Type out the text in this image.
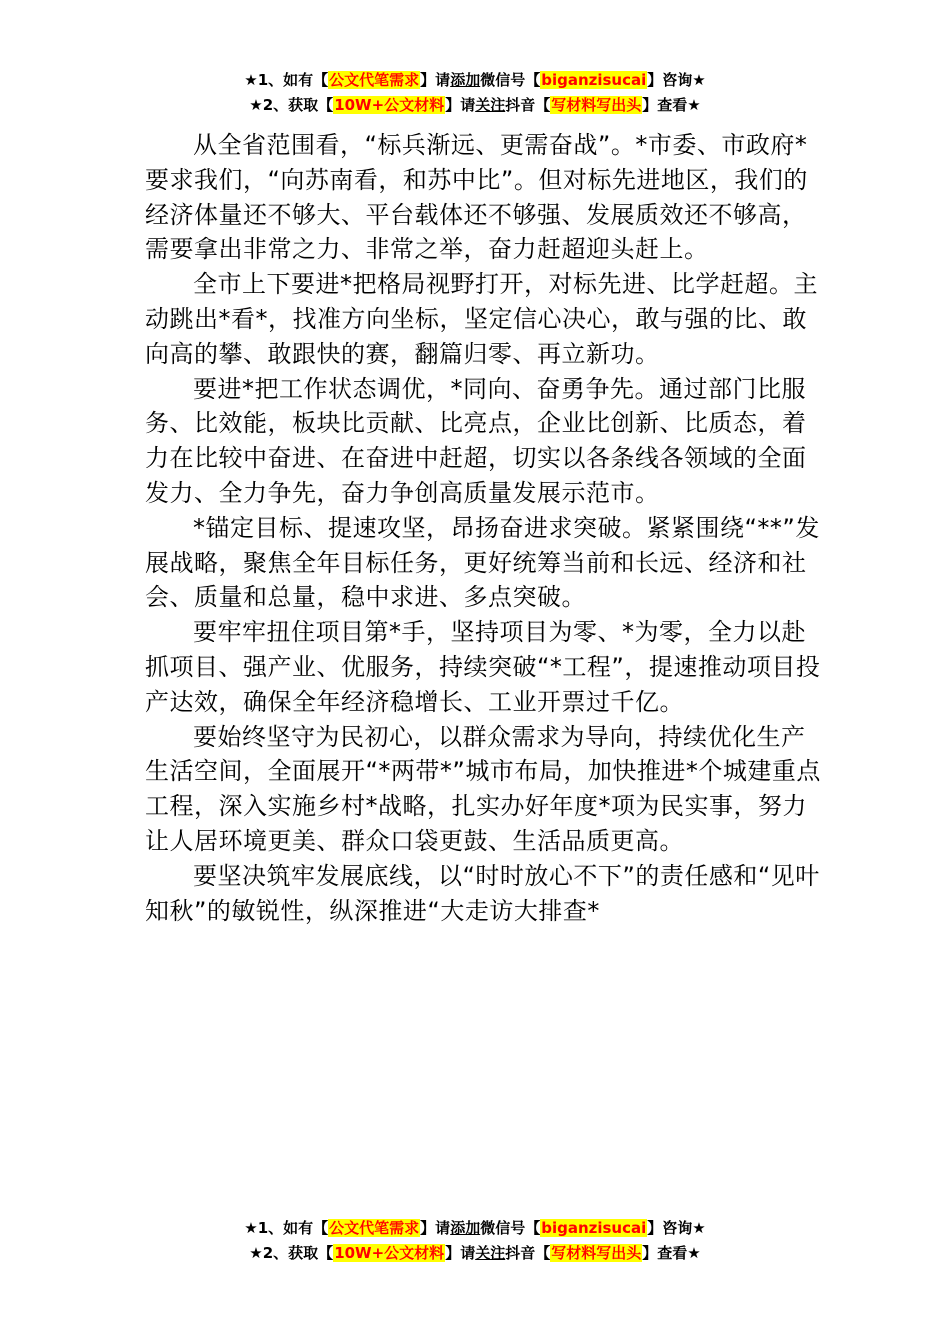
★1、如有【公文代笔需求】请添加微信号【biganzisucai】咨询★
★2、获取【10W+公文材料】请关注抖音【写材料写出头】查看★

从全省范围看，“标兵渐远、更需奋战”。*市委、市政府*要求我们，“向苏南看，和苏中比”。但对标先进地区，我们的经济体量还不够大、平台载体还不够强、发展质效还不够高，需要拿出非常之力、非常之举，奋力赶超迎头赶上。

全市上下要进*把格局视野打开，对标先进、比学赶超。主动跳出*看*，找准方向坐标，坚定信心决心，敢与强的比、敢向高的攀、敢跟快的赛，翻篇归零、再立新功。

要进*把工作状态调优，*同向、奋勇争先。通过部门比服务、比效能，板块比贡献、比亮点，企业比创新、比质态，着力在比较中奋进、在奋进中赶超，切实以各条线各领域的全面发力、全力争先，奋力争创高质量发展示范市。

*锚定目标、提速攻坚，昂扬奋进求突破。紧紧围绕“**”发展战略，聚焦全年目标任务，更好统筹当前和长远、经济和社会、质量和总量，稳中求进、多点突破。

要牢牢扭住项目第*手，坚持项目为零、*为零，全力以赴抓项目、强产业、优服务，持续突破“*工程”，提速推动项目投产达效，确保全年经济稳增长、工业开票过千亿。

要始终坚守为民初心，以群众需求为导向，持续优化生产生活空间，全面展开“*两带*”城市布局，加快推进*个城建重点工程，深入实施乡村*战略，扎实办好年度*项为民实事，努力让人居环境更美、群众口袋更鼓、生活品质更高。

要坚决筑牢发展底线，以“时时放心不下”的责任感和“见叶知秋”的敏锐性，纵深推进“大走访大排查*

★1、如有【公文代笔需求】请添加微信号【biganzisucai】咨询★
★2、获取【10W+公文材料】请关注抖音【写材料写出头】查看★
